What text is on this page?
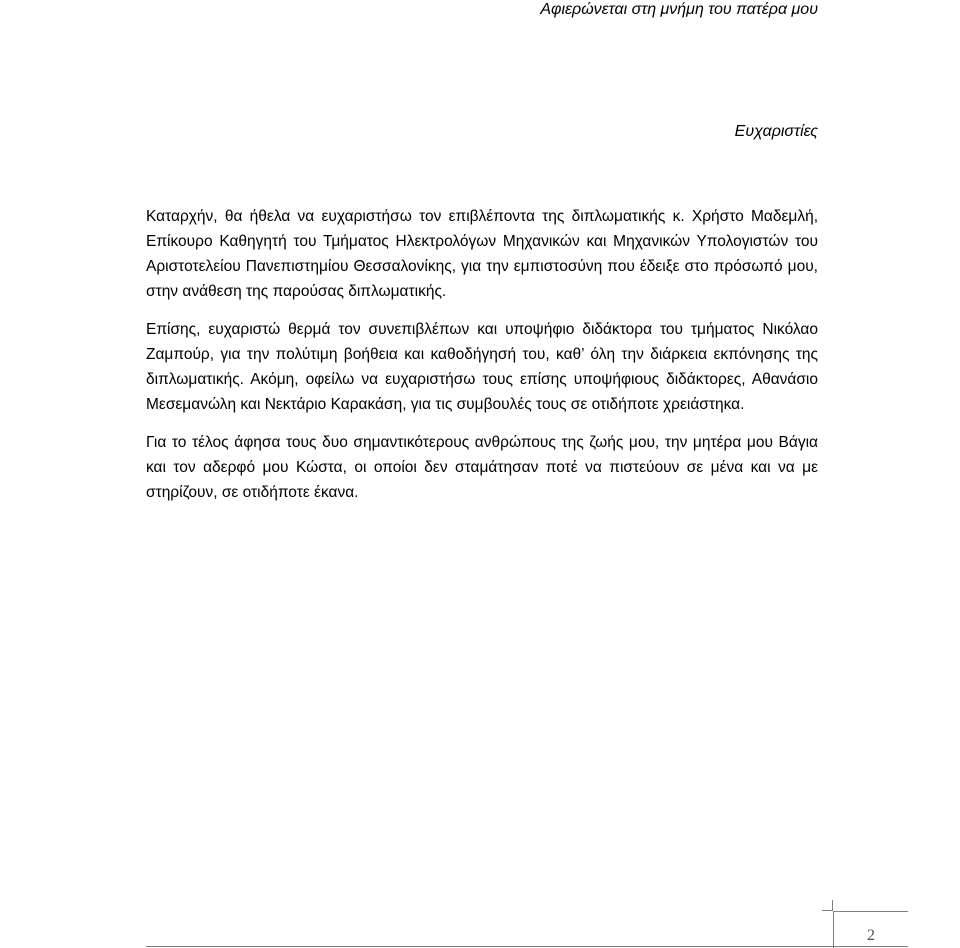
Αφιερώνεται στη μνήμη του πατέρα μου
Ευχαριστίες

Καταρχήν, θα ήθελα να ευχαριστήσω τον επιβλέποντα της διπλωματικής κ. Χρήστο Μαδεμλή, Επίκουρο Καθηγητή του Τμήματος Ηλεκτρολόγων Μηχανικών και Μηχανικών Υπολογιστών του Αριστοτελείου Πανεπιστημίου Θεσσαλονίκης, για την εμπιστοσύνη που έδειξε στο πρόσωπό μου, στην ανάθεση της παρούσας διπλωματικής.

Επίσης, ευχαριστώ θερμά τον συνεπιβλέπων και υποψήφιο διδάκτορα του τμήματος Νικόλαο Ζαμπούρ, για την πολύτιμη βοήθεια και καθοδήγησή του, καθ’ όλη την διάρκεια εκπόνησης της διπλωματικής. Ακόμη, οφείλω να ευχαριστήσω τους επίσης υποψήφιους διδάκτορες, Αθανάσιο Μεσεμανώλη και Νεκτάριο Καρακάση, για τις συμβουλές τους σε οτιδήποτε χρειάστηκα.

Για το τέλος άφησα τους δυο σημαντικότερους ανθρώπους της ζωής μου, την μητέρα μου Βάγια και τον αδερφό μου Κώστα, οι οποίοι δεν σταμάτησαν ποτέ να πιστεύουν σε μένα και να με στηρίζουν, σε οτιδήποτε έκανα.

2
